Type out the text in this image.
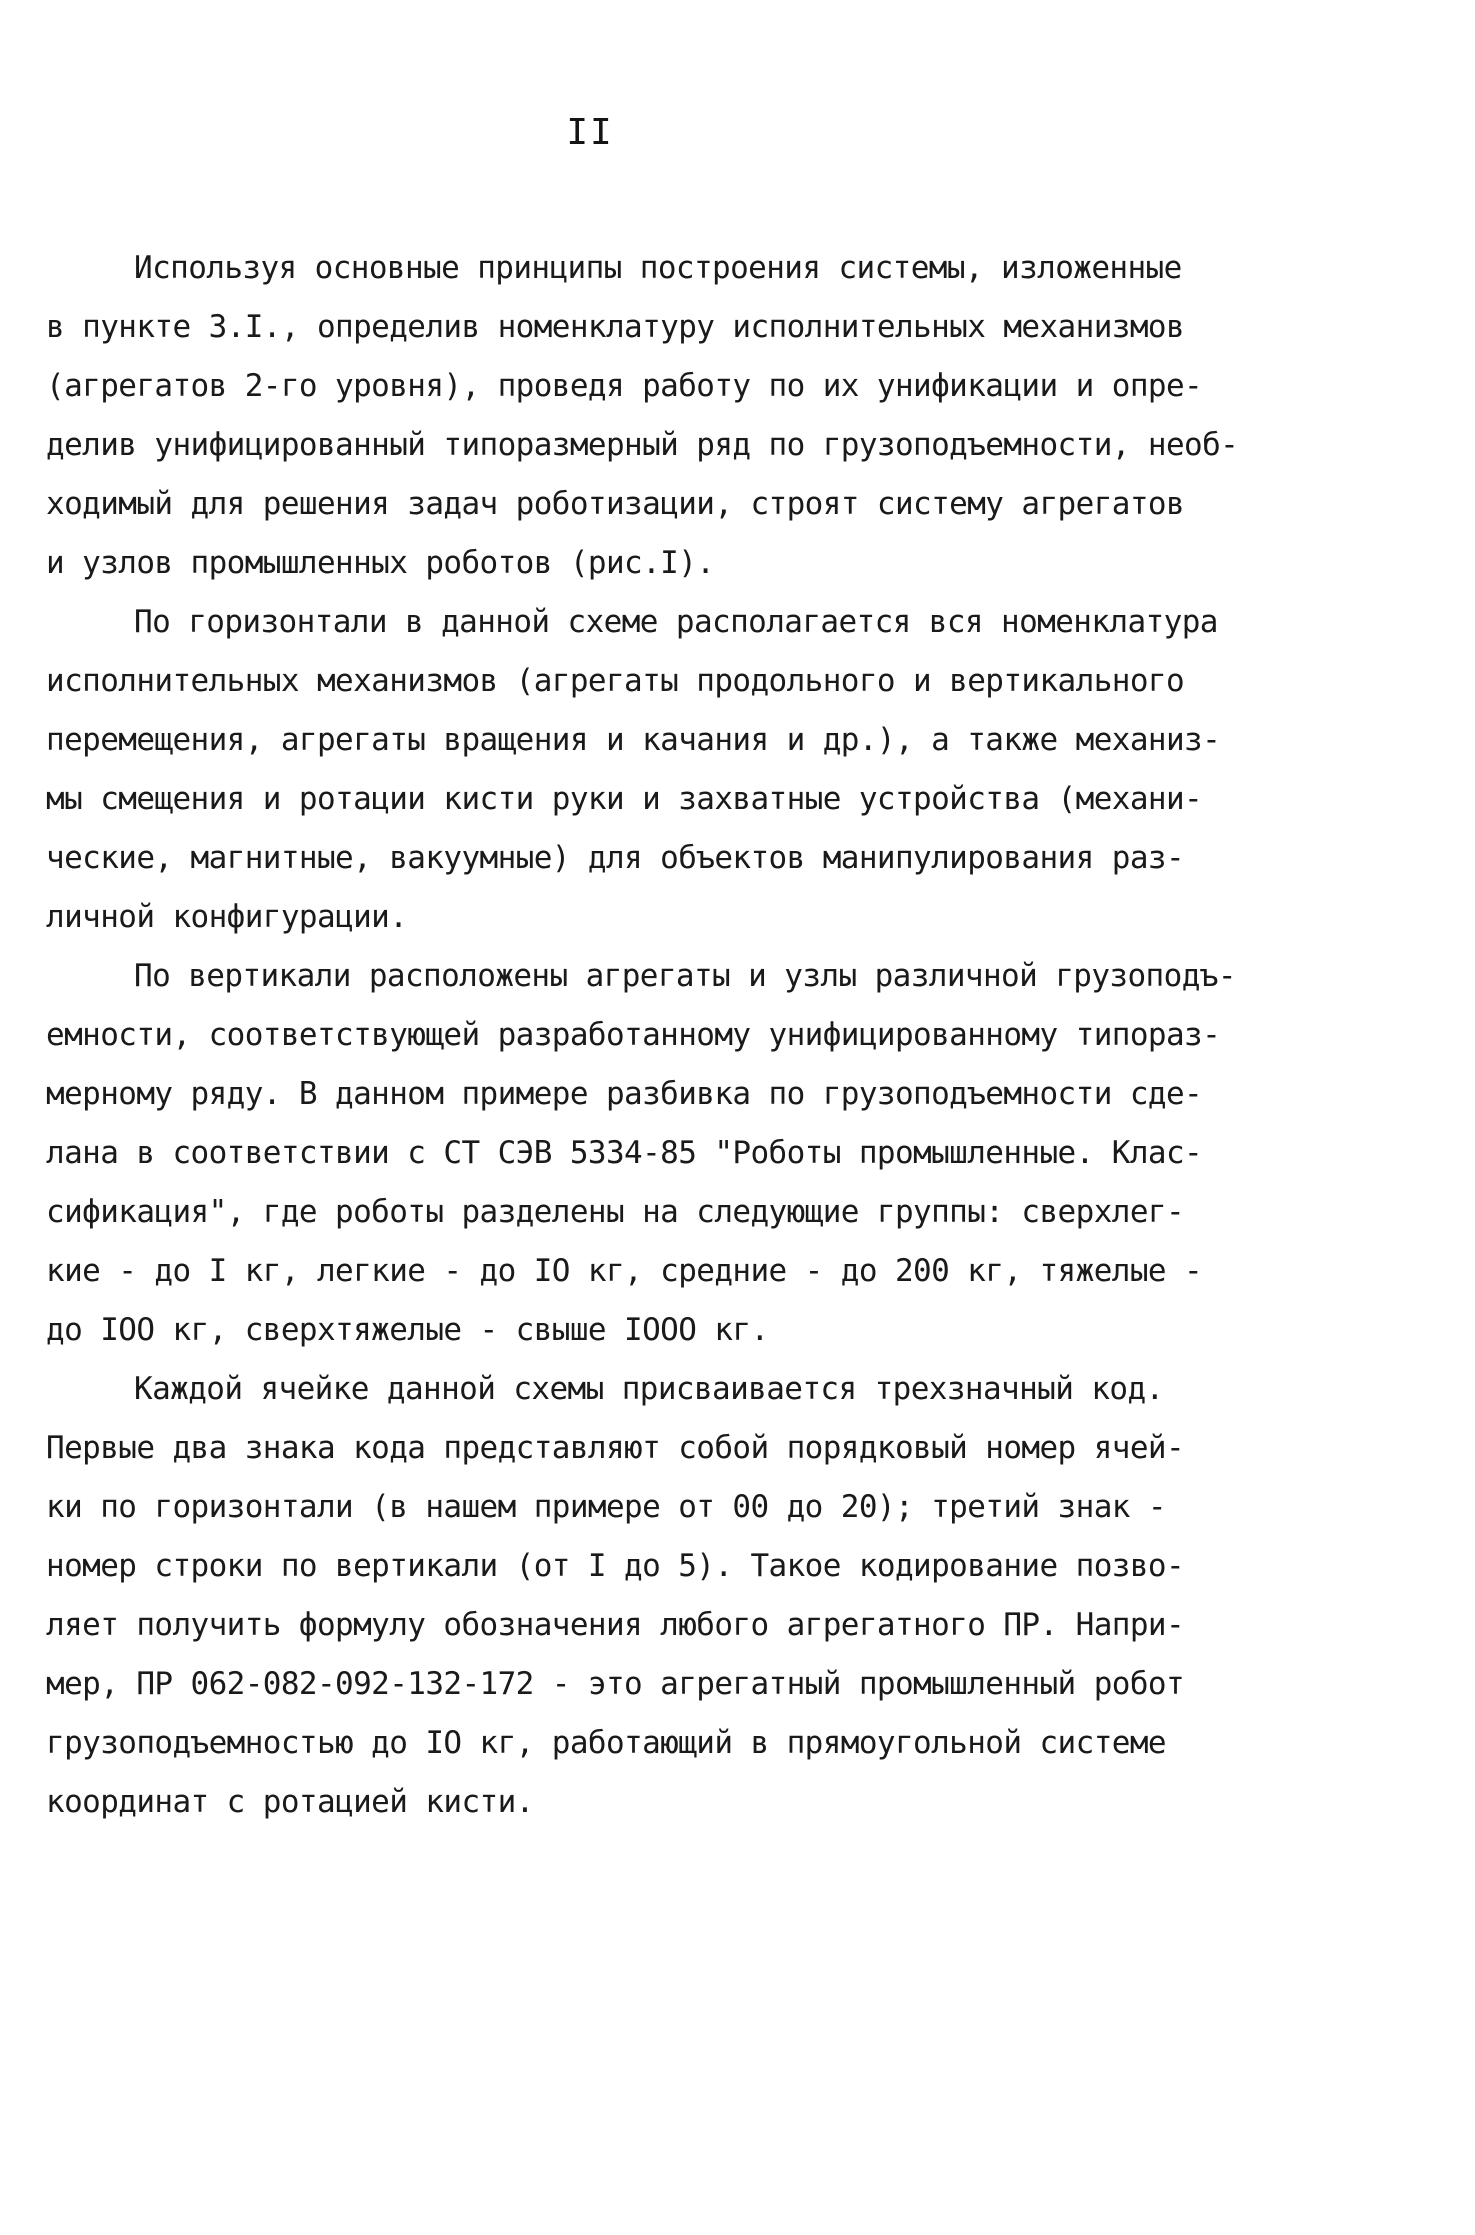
II
Используя основные принципы построения системы, изложенные
в пункте 3.I., определив номенклатуру исполнительных механизмов
(агрегатов 2-го уровня), проведя работу по их унификации и опре-
делив унифицированный типоразмерный ряд по грузоподъемности, необ-
ходимый для решения задач роботизации, строят систему агрегатов
и узлов промышленных роботов (рис.I).
По горизонтали в данной схеме располагается вся номенклатура
исполнительных механизмов (агрегаты продольного и вертикального
перемещения, агрегаты вращения и качания и др.), а также механиз-
мы смещения и ротации кисти руки и захватные устройства (механи-
ческие, магнитные, вакуумные) для объектов манипулирования раз-
личной конфигурации.
По вертикали расположены агрегаты и узлы различной грузоподъ-
емности, соответствующей разработанному унифицированному типораз-
мерному ряду. В данном примере разбивка по грузоподъемности сде-
лана в соответствии с СТ СЭВ 5334-85 "Роботы промышленные. Клас-
сификация", где роботы разделены на следующие группы: сверхлег-
кие - до I кг, легкие - до IO кг, средние - до 200 кг, тяжелые -
до IOO кг, сверхтяжелые - свыше IOOO кг.
Каждой ячейке данной схемы присваивается трехзначный код.
Первые два знака кода представляют собой порядковый номер ячей-
ки по горизонтали (в нашем примере от 00 до 20); третий знак -
номер строки по вертикали (от I до 5). Такое кодирование позво-
ляет получить формулу обозначения любого агрегатного ПР. Напри-
мер, ПР 062-082-092-132-172 - это агрегатный промышленный робот
грузоподъемностью до IO кг, работающий в прямоугольной системе
координат с ротацией кисти.
